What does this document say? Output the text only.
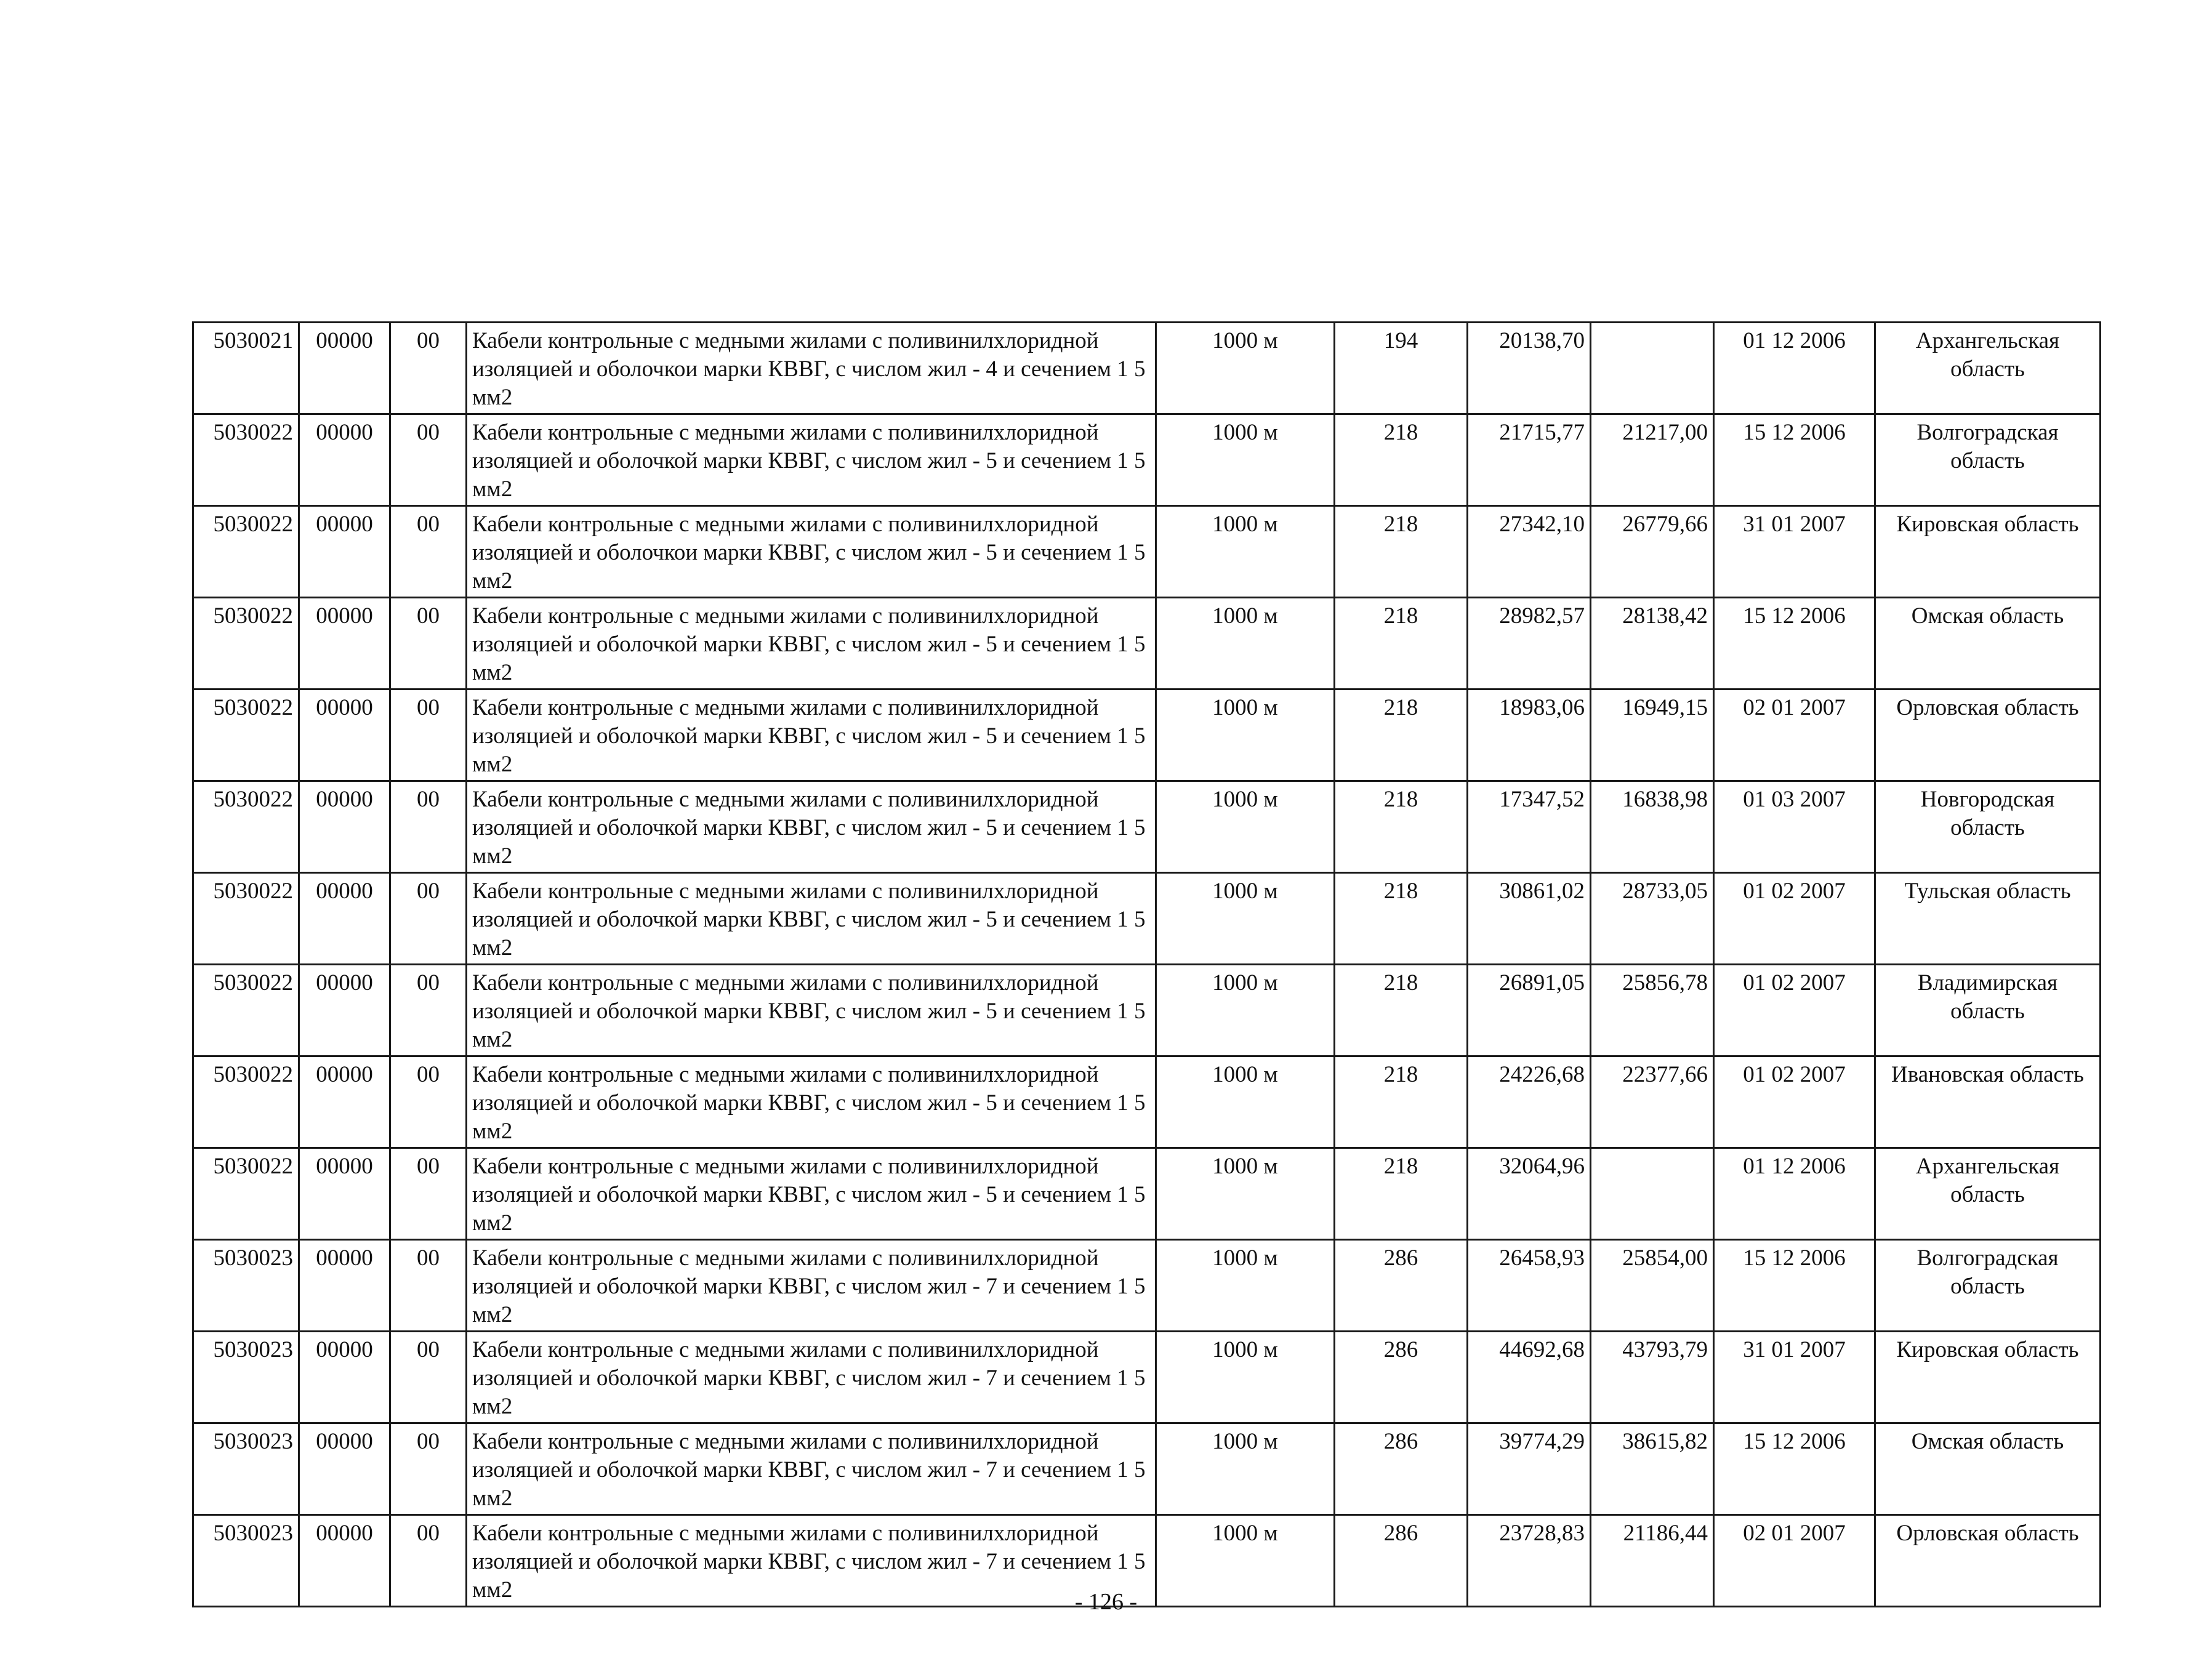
5030021	00000	00	Кабели контрольные с медными жилами с поливинилхлоридной изоляцией и оболочкои марки КВВГ, с числом жил - 4 и сечением 1 5 мм2	1000 м	194	20138,70		01 12 2006	Архангельская область
5030022	00000	00	Кабели контрольные с медными жилами с поливинилхлоридной изоляцией и оболочкой марки КВВГ, с числом жил - 5 и сечением 1 5 мм2	1000 м	218	21715,77	21217,00	15 12 2006	Волгоградская область
5030022	00000	00	Кабели контрольные с медными жилами с поливинилхлоридной изоляцией и оболочкои марки КВВГ, с числом жил - 5 и сечением 1 5 мм2	1000 м	218	27342,10	26779,66	31 01 2007	Кировская область
5030022	00000	00	Кабели контрольные с медными жилами с поливинилхлоридной изоляцией и оболочкой марки КВВГ, с числом жил - 5 и сечением 1 5 мм2	1000 м	218	28982,57	28138,42	15 12 2006	Омская область
5030022	00000	00	Кабели контрольные с медными жилами с поливинилхлоридной изоляцией и оболочкой марки КВВГ, с числом жил - 5 и сечением 1 5 мм2	1000 м	218	18983,06	16949,15	02 01 2007	Орловская область
5030022	00000	00	Кабели контрольные с медными жилами с поливинилхлоридной изоляцией и оболочкой марки КВВГ, с числом жил - 5 и сечением 1 5 мм2	1000 м	218	17347,52	16838,98	01 03 2007	Новгородская область
5030022	00000	00	Кабели контрольные с медными жилами с поливинилхлоридной изоляцией и оболочкой марки КВВГ, с числом жил - 5 и сечением 1 5 мм2	1000 м	218	30861,02	28733,05	01 02 2007	Тульская область
5030022	00000	00	Кабели контрольные с медными жилами с поливинилхлоридной изоляцией и оболочкой марки КВВГ, с числом жил - 5 и сечением 1 5 мм2	1000 м	218	26891,05	25856,78	01 02 2007	Владимирская область
5030022	00000	00	Кабели контрольные с медными жилами с поливинилхлоридной изоляцией и оболочкой марки КВВГ, с числом жил - 5 и сечением 1 5 мм2	1000 м	218	24226,68	22377,66	01 02 2007	Ивановская область
5030022	00000	00	Кабели контрольные с медными жилами с поливинилхлоридной изоляцией и оболочкой марки КВВГ, с числом жил - 5 и сечением 1 5 мм2	1000 м	218	32064,96		01 12 2006	Архангельская область
5030023	00000	00	Кабели контрольные с медными жилами с поливинилхлоридной изоляцией и оболочкой марки КВВГ, с числом жил - 7 и сечением 1 5 мм2	1000 м	286	26458,93	25854,00	15 12 2006	Волгоградская область
5030023	00000	00	Кабели контрольные с медными жилами с поливинилхлоридной изоляцией и оболочкой марки КВВГ, с числом жил - 7 и сечением 1 5 мм2	1000 м	286	44692,68	43793,79	31 01 2007	Кировская область
5030023	00000	00	Кабели контрольные с медными жилами с поливинилхлоридной изоляцией и оболочкой марки КВВГ, с числом жил - 7 и сечением 1 5 мм2	1000 м	286	39774,29	38615,82	15 12 2006	Омская область
5030023	00000	00	Кабели контрольные с медными жилами с поливинилхлоридной изоляцией и оболочкой марки КВВГ, с числом жил - 7 и сечением 1 5 мм2	1000 м	286	23728,83	21186,44	02 01 2007	Орловская область
- 126 -
